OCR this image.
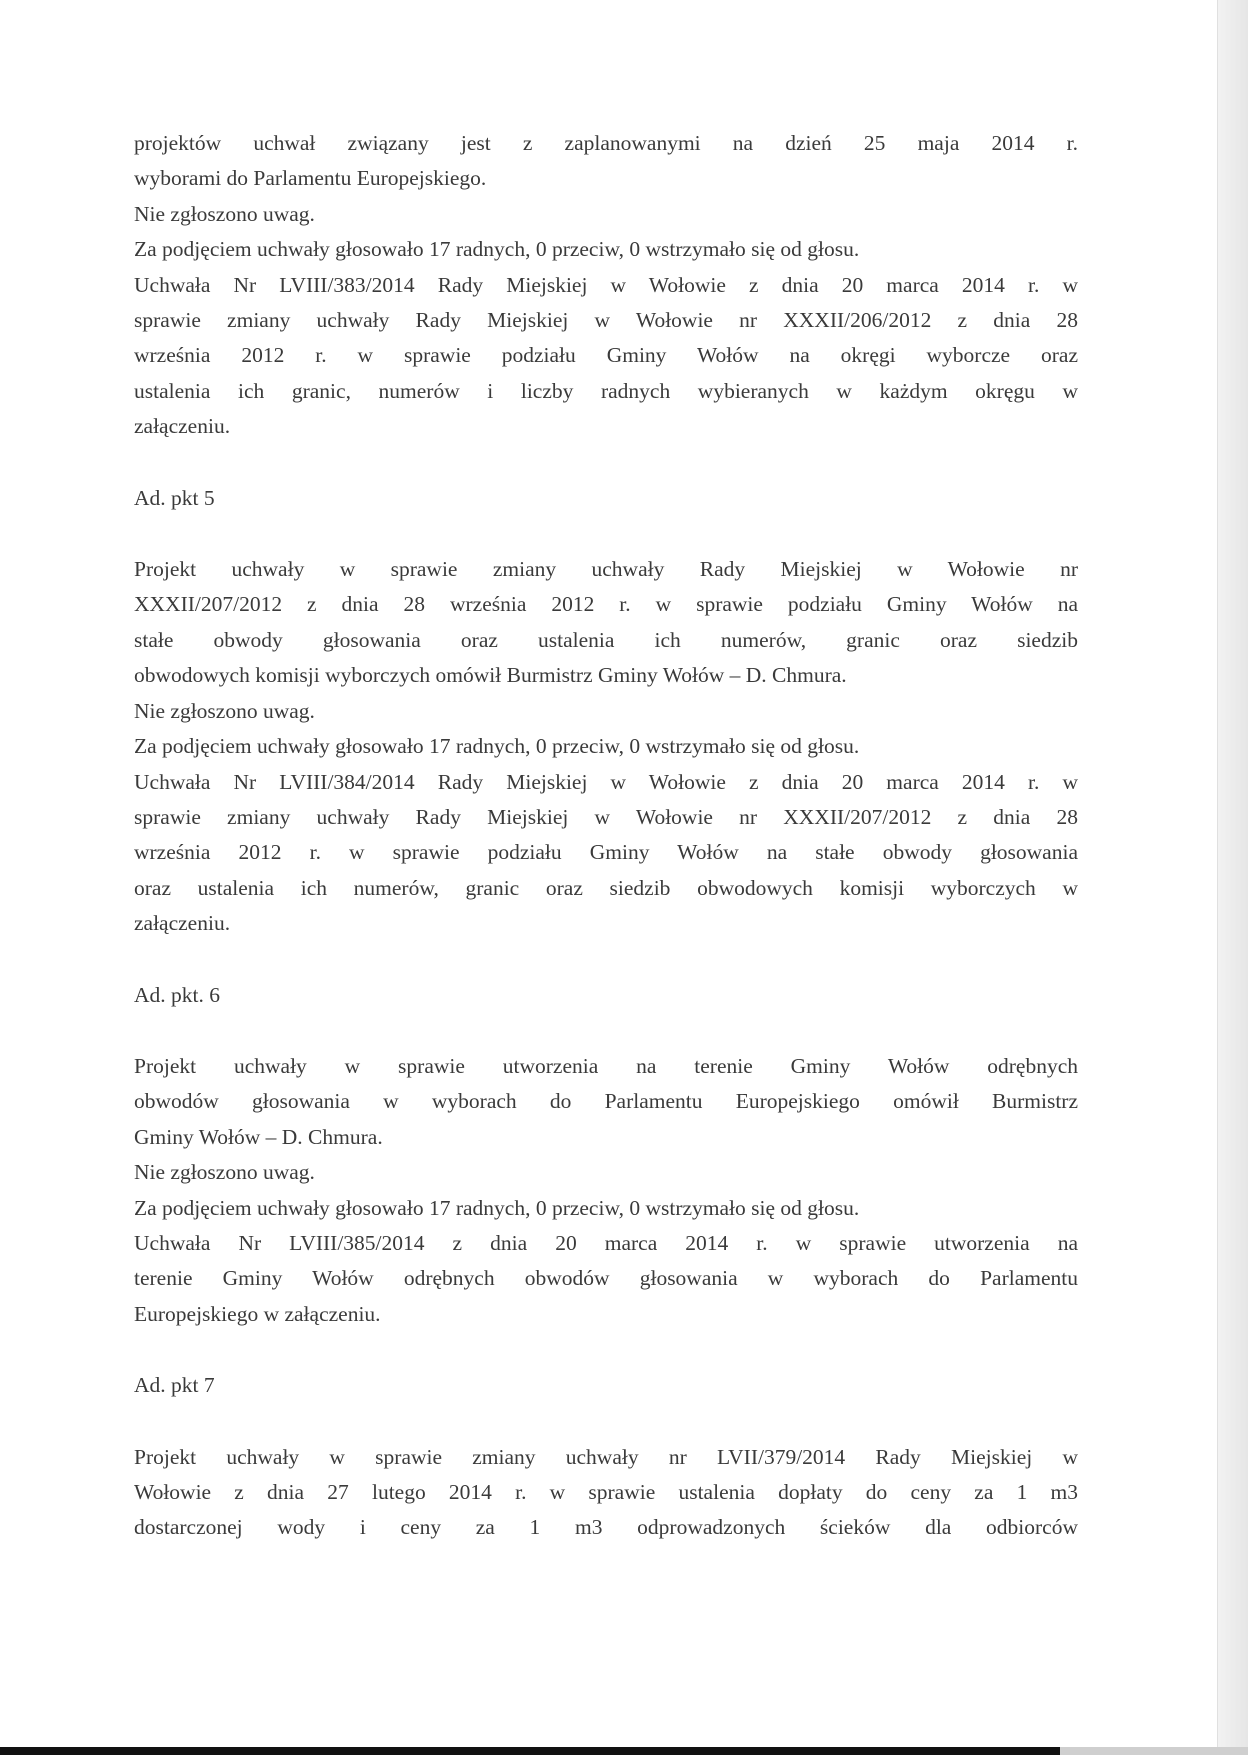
projektów uchwał związany jest z zaplanowanymi na dzień 25 maja 2014 r.
wyborami do Parlamentu Europejskiego.

Nie zgłoszono uwag.

Za podjęciem uchwały głosowało 17 radnych, 0 przeciw, 0 wstrzymało się od głosu.

Uchwała Nr LVIII/383/2014 Rady Miejskiej w Wołowie z dnia 20 marca 2014 r. w
sprawie zmiany uchwały Rady Miejskiej w Wołowie nr XXXII/206/2012 z dnia 28
września 2012 r. w sprawie podziału Gminy Wołów na okręgi wyborcze oraz
ustalenia ich granic, numerów i liczby radnych wybieranych w każdym okręgu w
załączeniu.

Ad. pkt 5

Projekt uchwały w sprawie zmiany uchwały Rady Miejskiej w Wołowie nr
XXXII/207/2012 z dnia 28 września 2012 r. w sprawie podziału Gminy Wołów na
stałe obwody głosowania oraz ustalenia ich numerów, granic oraz siedzib
obwodowych komisji wyborczych omówił Burmistrz Gminy Wołów – D. Chmura.

Nie zgłoszono uwag.

Za podjęciem uchwały głosowało 17 radnych, 0 przeciw, 0 wstrzymało się od głosu.

Uchwała Nr LVIII/384/2014 Rady Miejskiej w Wołowie z dnia 20 marca 2014 r. w
sprawie zmiany uchwały Rady Miejskiej w Wołowie nr XXXII/207/2012 z dnia 28
września 2012 r. w sprawie podziału Gminy Wołów na stałe obwody głosowania
oraz ustalenia ich numerów, granic oraz siedzib obwodowych komisji wyborczych w
załączeniu.

Ad. pkt. 6

Projekt uchwały w sprawie utworzenia na terenie Gminy Wołów odrębnych
obwodów głosowania w wyborach do Parlamentu Europejskiego omówił Burmistrz
Gminy Wołów – D. Chmura.

Nie zgłoszono uwag.

Za podjęciem uchwały głosowało 17 radnych, 0 przeciw, 0 wstrzymało się od głosu.

Uchwała Nr LVIII/385/2014 z dnia 20 marca 2014 r. w sprawie utworzenia na
terenie Gminy Wołów odrębnych obwodów głosowania w wyborach do Parlamentu
Europejskiego w załączeniu.

Ad. pkt 7

Projekt uchwały w sprawie zmiany uchwały nr LVII/379/2014 Rady Miejskiej w
Wołowie z dnia 27 lutego 2014 r. w sprawie ustalenia dopłaty do ceny za 1 m3
dostarczonej wody i ceny za 1 m3 odprowadzonych ścieków dla odbiorców
